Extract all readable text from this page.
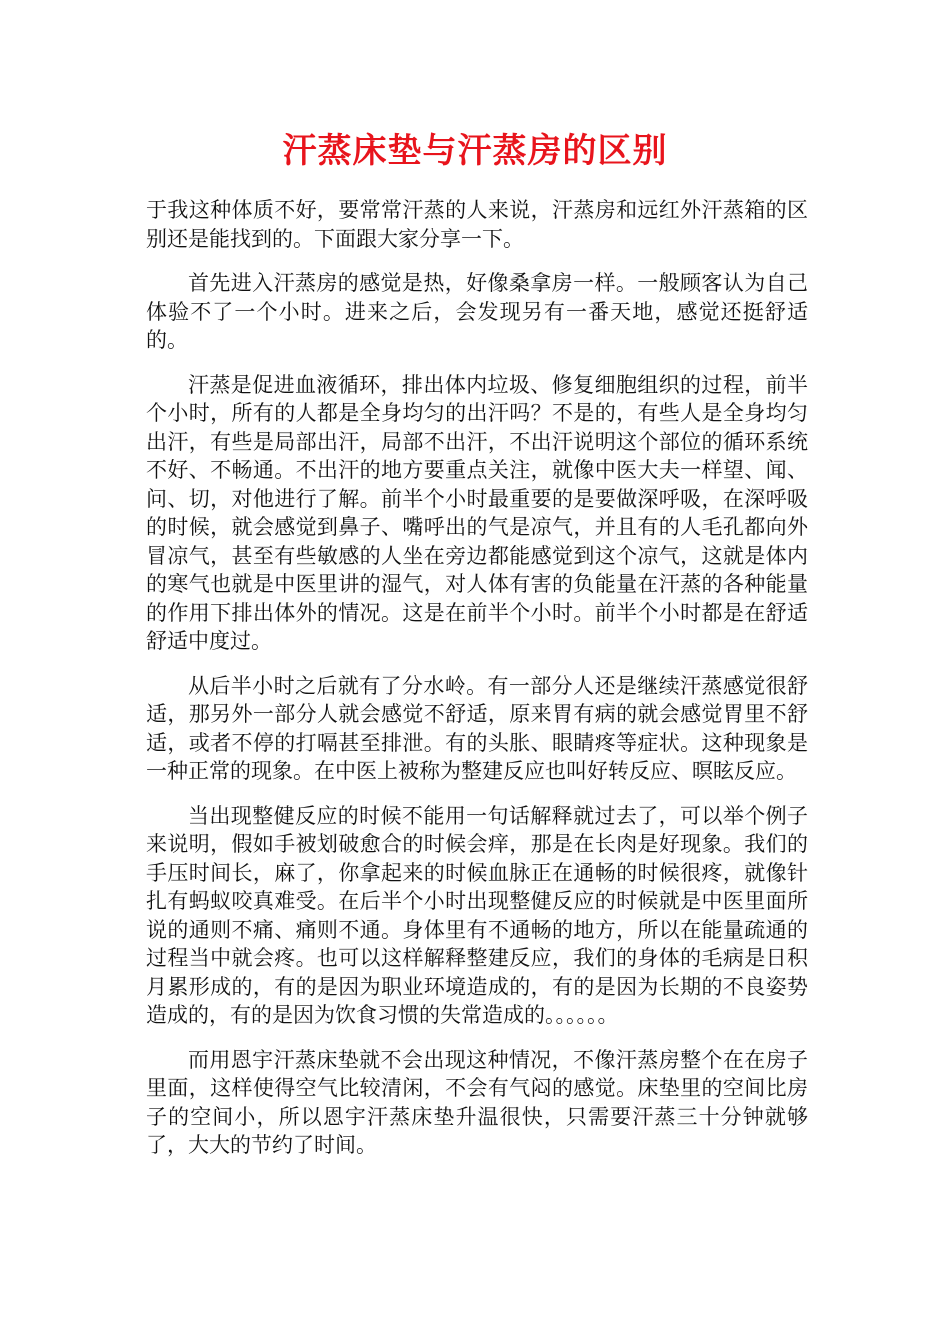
汗蒸床垫与汗蒸房的区别

于我这种体质不好，要常常汗蒸的人来说，汗蒸房和远红外汗蒸箱的区别还是能找到的。下面跟大家分享一下。

首先进入汗蒸房的感觉是热，好像桑拿房一样。一般顾客认为自己体验不了一个小时。进来之后，会发现另有一番天地，感觉还挺舒适的。

汗蒸是促进血液循环，排出体内垃圾、修复细胞组织的过程，前半个小时，所有的人都是全身均匀的出汗吗？不是的，有些人是全身均匀出汗，有些是局部出汗，局部不出汗，不出汗说明这个部位的循环系统不好、不畅通。不出汗的地方要重点关注，就像中医大夫一样望、闻、问、切，对他进行了解。前半个小时最重要的是要做深呼吸，在深呼吸的时候，就会感觉到鼻子、嘴呼出的气是凉气，并且有的人毛孔都向外冒凉气，甚至有些敏感的人坐在旁边都能感觉到这个凉气，这就是体内的寒气也就是中医里讲的湿气，对人体有害的负能量在汗蒸的各种能量的作用下排出体外的情况。这是在前半个小时。前半个小时都是在舒适舒适中度过。

从后半小时之后就有了分水岭。有一部分人还是继续汗蒸感觉很舒适，那另外一部分人就会感觉不舒适，原来胃有病的就会感觉胃里不舒适，或者不停的打嗝甚至排泄。有的头胀、眼睛疼等症状。这种现象是一种正常的现象。在中医上被称为整建反应也叫好转反应、暝眩反应。

当出现整健反应的时候不能用一句话解释就过去了，可以举个例子来说明，假如手被划破愈合的时候会痒，那是在长肉是好现象。我们的手压时间长，麻了，你拿起来的时候血脉正在通畅的时候很疼，就像针扎有蚂蚁咬真难受。在后半个小时出现整健反应的时候就是中医里面所说的通则不痛、痛则不通。身体里有不通畅的地方，所以在能量疏通的过程当中就会疼。也可以这样解释整建反应，我们的身体的毛病是日积月累形成的，有的是因为职业环境造成的，有的是因为长期的不良姿势造成的，有的是因为饮食习惯的失常造成的。。。。。。

而用恩宇汗蒸床垫就不会出现这种情况，不像汗蒸房整个在在房子里面，这样使得空气比较清闲，不会有气闷的感觉。床垫里的空间比房子的空间小，所以恩宇汗蒸床垫升温很快，只需要汗蒸三十分钟就够了，大大的节约了时间。
